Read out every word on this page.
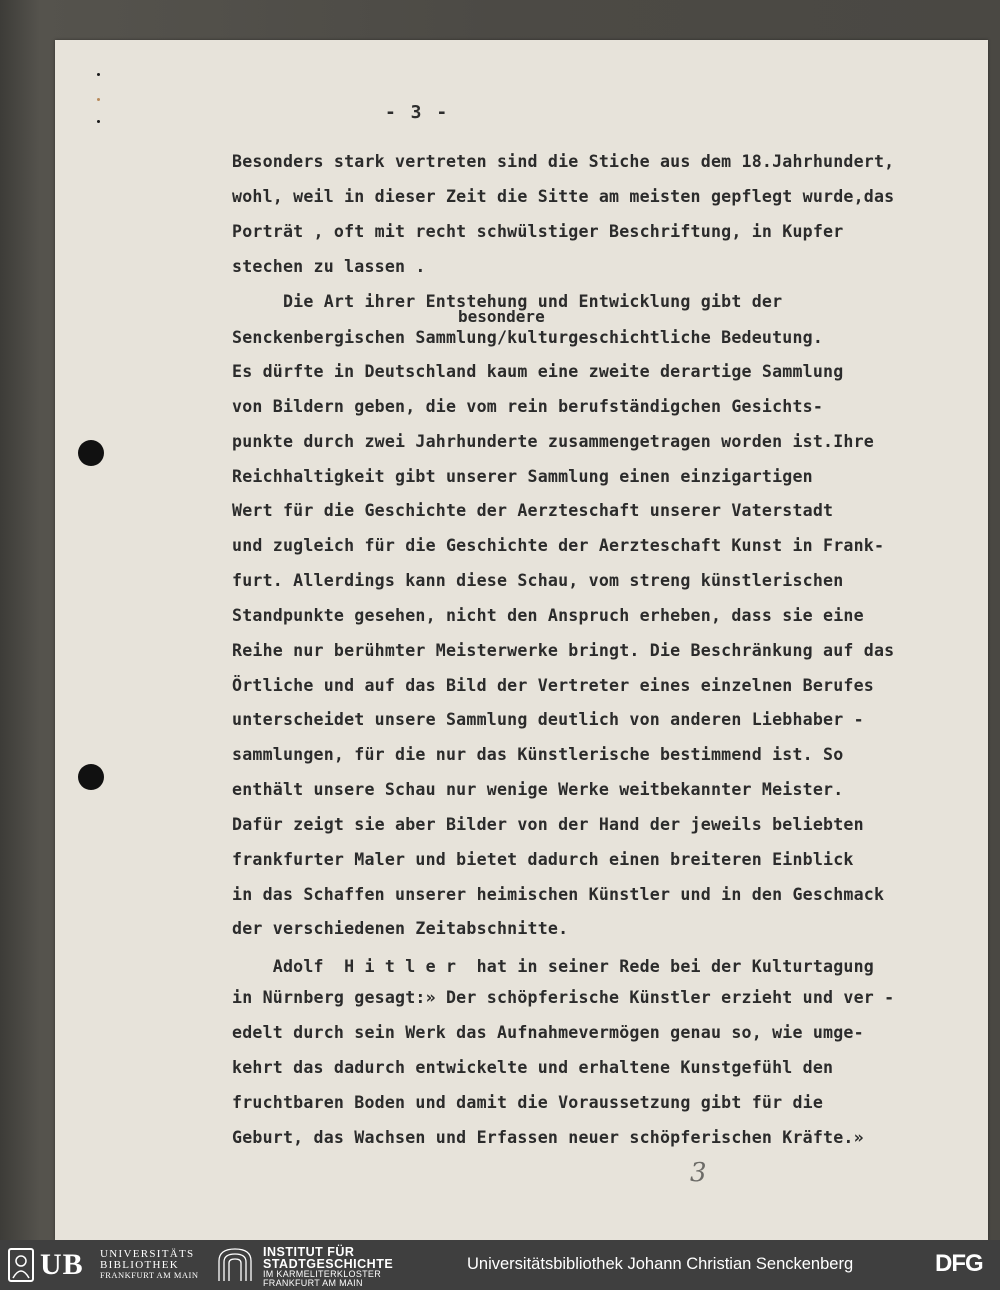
- 3 -

Besonders stark vertreten sind die Stiche aus dem 18.Jahrhundert,

wohl, weil in dieser Zeit die Sitte am meisten gepflegt wurde,das

Porträt , oft mit recht schwülstiger Beschriftung, in Kupfer

stechen zu lassen .

Die Art ihrer Entstehung und Entwicklung gibt der

besondere

Senckenbergischen Sammlung/kulturgeschichtliche Bedeutung.

Es dürfte in Deutschland kaum eine zweite derartige Sammlung

von Bildern geben, die vom rein berufständigchen Gesichts-

punkte durch zwei Jahrhunderte zusammengetragen worden ist.Ihre

Reichhaltigkeit gibt unserer Sammlung einen einzigartigen

Wert für die Geschichte der Aerzteschaft unserer Vaterstadt

und zugleich für die Geschichte der Aerzteschaft Kunst in Frank-

furt. Allerdings kann diese Schau, vom streng künstlerischen

Standpunkte gesehen, nicht den Anspruch erheben, dass sie eine

Reihe nur berühmter Meisterwerke bringt. Die Beschränkung auf das

Örtliche und auf das Bild der Vertreter eines einzelnen Berufes

unterscheidet unsere Sammlung deutlich von anderen Liebhaber -

sammlungen, für die nur das Künstlerische bestimmend ist. So

enthält unsere Schau nur wenige Werke weitbekannter Meister.

Dafür zeigt sie aber Bilder von der Hand der jeweils beliebten

frankfurter Maler und bietet dadurch einen breiteren Einblick

in das Schaffen unserer heimischen Künstler und in den Geschmack

der verschiedenen Zeitabschnitte.

Adolf  H i t l e r  hat in seiner Rede bei der Kulturtagung

in Nürnberg gesagt:» Der schöpferische Künstler erzieht und ver -

edelt durch sein Werk das Aufnahmevermögen genau so, wie umge-

kehrt das dadurch entwickelte und erhaltene Kunstgefühl den

fruchtbaren Boden und damit die Voraussetzung gibt für die

Geburt, das Wachsen und Erfassen neuer schöpferischen Kräfte.»

3
UB UNIVERSITÄTS
BIBLIOTHEK
FRANKFURT AM MAIN
INSTITUT FÜR
STADTGESCHICHTE
IM KARMELITERKLOSTER
FRANKFURT AM MAIN
Universitätsbibliothek Johann Christian Senckenberg	DFG
